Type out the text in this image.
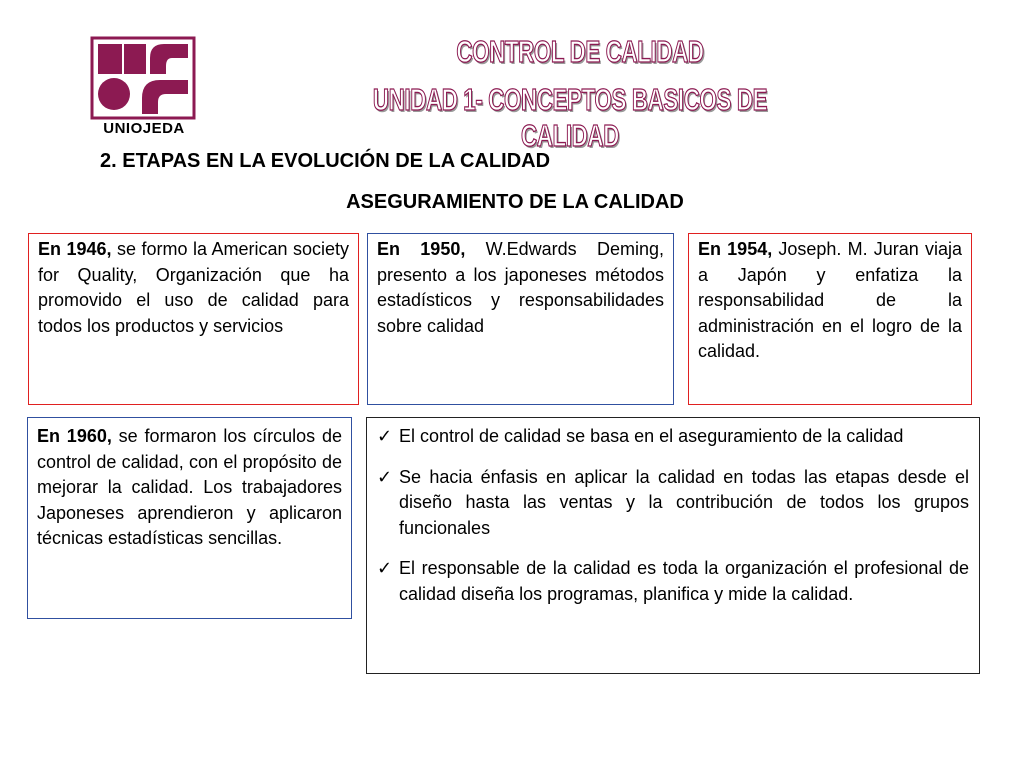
UNIOJEDA
CONTROL DE CALIDAD
UNIDAD 1- CONCEPTOS BASICOS DE CALIDAD
2. ETAPAS EN LA EVOLUCIÓN DE LA CALIDAD
ASEGURAMIENTO DE LA CALIDAD
En 1946, se formo la American society for Quality, Organización que ha promovido el uso de calidad para todos los productos y servicios
En 1950, W.Edwards Deming, presento a los japoneses métodos estadísticos y responsabilidades sobre calidad
En 1954, Joseph. M. Juran viaja a Japón y enfatiza la responsabilidad de la administración en el logro de la calidad.
En 1960, se formaron los círculos de control de calidad, con el propósito de mejorar la calidad. Los trabajadores Japoneses aprendieron y aplicaron técnicas estadísticas sencillas.
✓ El control de calidad se basa en el aseguramiento de la calidad
✓ Se hacia énfasis en aplicar la calidad en todas las etapas desde el diseño hasta las ventas y la contribución de todos los grupos funcionales
✓ El responsable de la calidad es toda la organización el profesional de calidad diseña los programas, planifica y mide la calidad.
